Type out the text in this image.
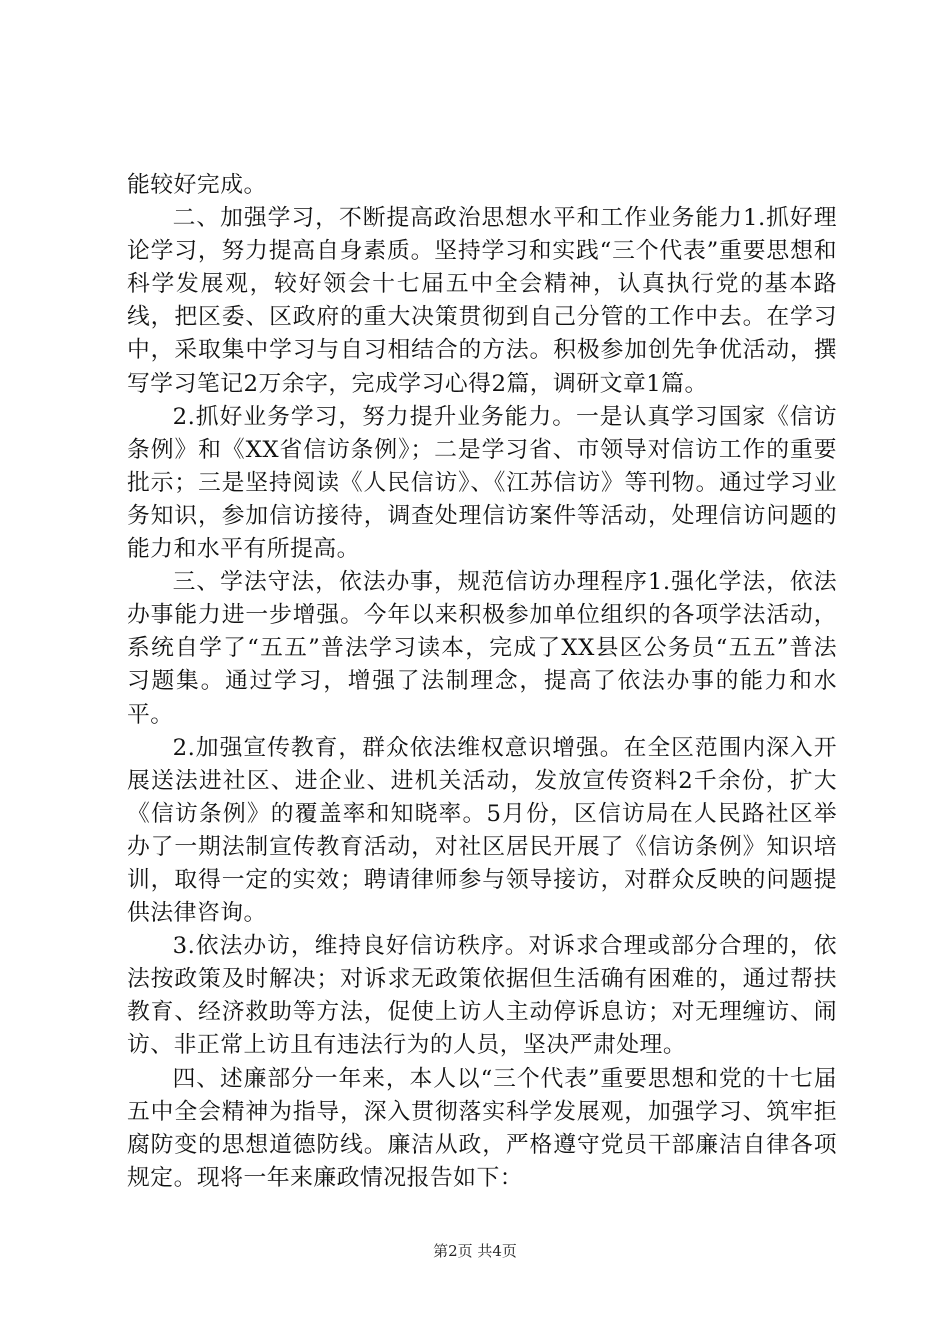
能较好完成。

二、加强学习，不断提高政治思想水平和工作业务能力1.抓好理论学习，努力提高自身素质。坚持学习和实践“三个代表”重要思想和科学发展观，较好领会十七届五中全会精神，认真执行党的基本路线，把区委、区政府的重大决策贯彻到自己分管的工作中去。在学习中，采取集中学习与自习相结合的方法。积极参加创先争优活动，撰写学习笔记2万余字，完成学习心得2篇，调研文章1篇。

2.抓好业务学习，努力提升业务能力。一是认真学习国家《信访条例》和《XX省信访条例》；二是学习省、市领导对信访工作的重要批示；三是坚持阅读《人民信访》、《江苏信访》等刊物。通过学习业务知识，参加信访接待，调查处理信访案件等活动，处理信访问题的能力和水平有所提高。

三、学法守法，依法办事，规范信访办理程序1.强化学法，依法办事能力进一步增强。今年以来积极参加单位组织的各项学法活动，系统自学了“五五”普法学习读本，完成了XX县区公务员“五五”普法习题集。通过学习，增强了法制理念，提高了依法办事的能力和水平。

2.加强宣传教育，群众依法维权意识增强。在全区范围内深入开展送法进社区、进企业、进机关活动，发放宣传资料2千余份，扩大《信访条例》的覆盖率和知晓率。5月份，区信访局在人民路社区举办了一期法制宣传教育活动，对社区居民开展了《信访条例》知识培训，取得一定的实效；聘请律师参与领导接访，对群众反映的问题提供法律咨询。

3.依法办访，维持良好信访秩序。对诉求合理或部分合理的，依法按政策及时解决；对诉求无政策依据但生活确有困难的，通过帮扶教育、经济救助等方法，促使上访人主动停诉息访；对无理缠访、闹访、非正常上访且有违法行为的人员，坚决严肃处理。

四、述廉部分一年来，本人以“三个代表”重要思想和党的十七届五中全会精神为指导，深入贯彻落实科学发展观，加强学习、筑牢拒腐防变的思想道德防线。廉洁从政，严格遵守党员干部廉洁自律各项规定。现将一年来廉政情况报告如下：

第2页 共4页
